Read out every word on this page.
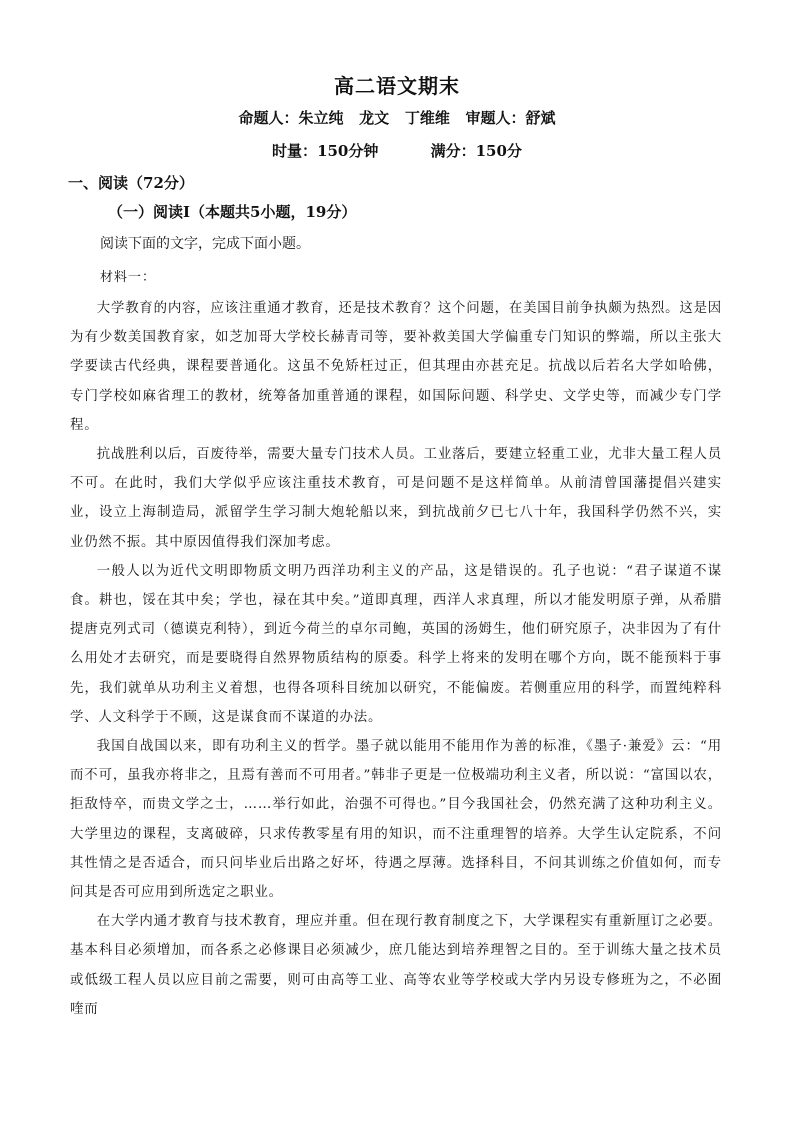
高二语文期末
命题人：朱立纯 龙文 丁维维 审题人：舒斌
时量：150分钟	满分：150分
一、阅读（72分）
（一）阅读Ⅰ（本题共5小题，19分）
阅读下面的文字，完成下面小题。
材料一：

大学教育的内容，应该注重通才教育，还是技术教育？这个问题，在美国目前争执颇为热烈。这是因为有少数美国教育家，如芝加哥大学校长赫青司等，要补救美国大学偏重专门知识的弊端，所以主张大学要读古代经典，课程要普通化。这虽不免矫枉过正，但其理由亦甚充足。抗战以后若名大学如哈佛，专门学校如麻省理工的教材，统筹备加重普通的课程，如国际问题、科学史、文学史等，而减少专门学程。

抗战胜利以后，百废待举，需要大量专门技术人员。工业落后，要建立轻重工业，尤非大量工程人员不可。在此时，我们大学似乎应该注重技术教育，可是问题不是这样简单。从前清曾国藩提倡兴建实业，设立上海制造局，派留学生学习制大炮轮船以来，到抗战前夕已七八十年，我国科学仍然不兴，实业仍然不振。其中原因值得我们深加考虑。

一般人以为近代文明即物质文明乃西洋功利主义的产品，这是错误的。孔子也说：“君子谋道不谋食。耕也，馁在其中矣；学也，禄在其中矣。”道即真理，西洋人求真理，所以才能发明原子弹，从希腊提唐克列式司（德谟克利特），到近今荷兰的卓尔司鲍，英国的汤姆生，他们研究原子，决非因为了有什么用处才去研究，而是要晓得自然界物质结构的原委。科学上将来的发明在哪个方向，既不能预料于事先，我们就单从功利主义着想，也得各项科目统加以研究，不能偏废。若侧重应用的科学，而置纯粹科学、人文科学于不顾，这是谋食而不谋道的办法。

我国自战国以来，即有功利主义的哲学。墨子就以能用不能用作为善的标准，《墨子·兼爱》云：“用而不可，虽我亦将非之，且焉有善而不可用者。”韩非子更是一位极端功利主义者，所以说：“富国以农，拒敌恃卒，而贵文学之士，……举行如此，治强不可得也。”目今我国社会，仍然充满了这种功利主义。大学里边的课程，支离破碎，只求传教零星有用的知识，而不注重理智的培养。大学生认定院系，不问其性情之是否适合，而只问毕业后出路之好坏，待遇之厚薄。选择科目，不问其训练之价值如何，而专问其是否可应用到所选定之职业。

在大学内通才教育与技术教育，理应并重。但在现行教育制度之下，大学课程实有重新厘订之必要。基本科目必须增加，而各系之必修课目必须减少，庶几能达到培养理智之目的。至于训练大量之技术员或低级工程人员以应目前之需要，则可由高等工业、高等农业等学校或大学内另设专修班为之，不必囿喹而
